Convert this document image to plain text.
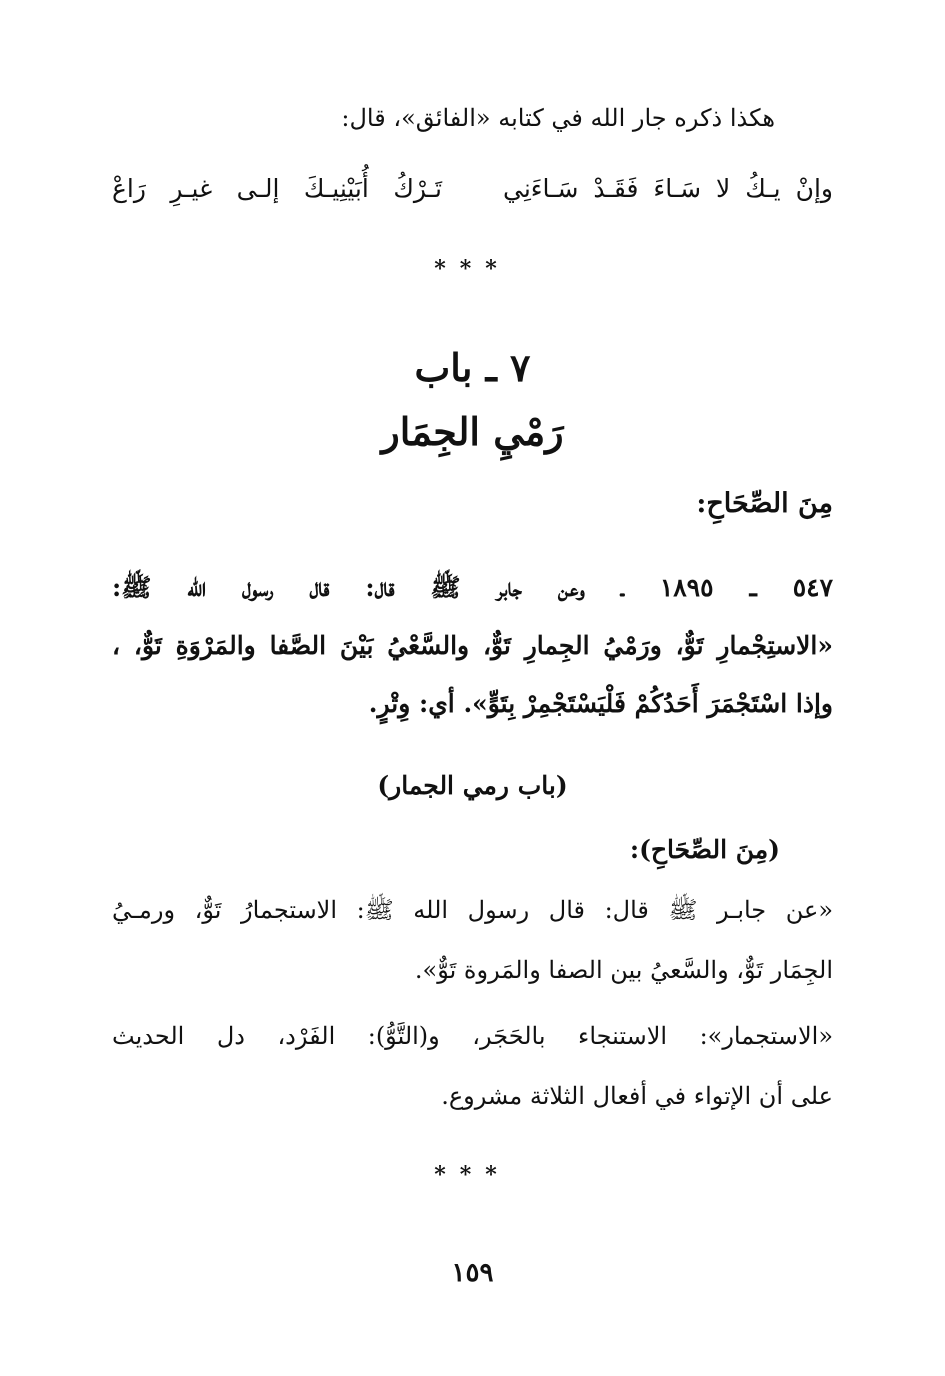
هكذا ذكره جار الله في كتابه «الفائق»، قال:
وإنْ يـكُ لا سَـاءَ فَقَـدْ سَـاءَنِي
تَـرْكُ أُبَيْنِيـكَ إلـى غيـرِ رَاعْ
***
٧ ـ باب
رَمْيِ الجِمَار
مِنَ الصِّحَاحِ:
٥٤٧ ـ ١٨٩٥ ـ وعن جابر ﷺ قال: قال رسول الله ﷺ:
«الاستِجْمارِ تَوٌّ، ورَمْيُ الجِمارِ تَوٌّ، والسَّعْيُ بَيْنَ الصَّفا والمَرْوَةِ تَوٌّ، ،
وإذا اسْتَجْمَرَ أَحَدُكُمْ فَلْيَسْتَجْمِرْ بِتَوٍّ». أي: وِتْرٍ.
(باب رمي الجمار)
(مِنَ الصِّحَاحِ):
«عن جابـر ﷺ قال: قال رسول الله ﷺ: الاستجمارُ تَوٌّ، ورمـيُ
الجِمَار تَوٌّ، والسَّعيُ بين الصفا والمَروة تَوٌّ».
«الاستجمار»: الاستنجاء بالحَجَر، و(التَّوُّ): الفَرْد، دل الحديث
على أن الإتواء في أفعال الثلاثة مشروع.
***
١٥٩
